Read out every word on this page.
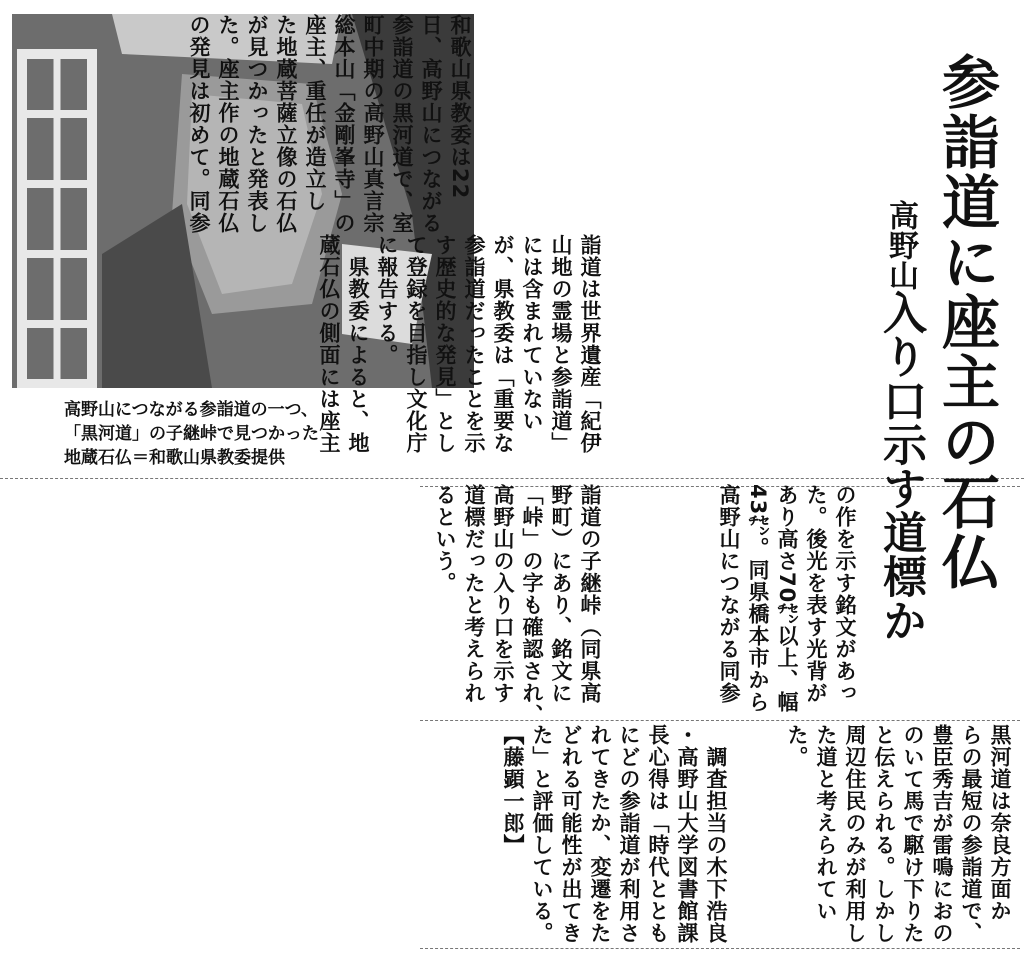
高野山につながる参詣道の一つ、
「黒河道」の子継峠で見つかった
地蔵石仏＝和歌山県教委提供	参詣道に座主の石仏
高野山入り口示す道標か
和歌山県教委は22
日、高野山につながる
参詣道の黒河道で、室
町中期の高野山真言宗
総本山「金剛峯寺」の
座主、重任が造立し
た地蔵菩薩立像の石仏
が見つかったと発表し
た。座主作の地蔵石仏
の発見は初めて。同参
詣道は世界遺産「紀伊
山地の霊場と参詣道」
には含まれていない
が、県教委は「重要な
参詣道だったことを示
す歴史的な発見」とし
て登録を目指し文化庁
に報告する。
　県教委によると、地
蔵石仏の側面には座主
の作を示す銘文があっ
た。後光を表す光背が
あり高さ70㌢以上、幅
43㌢。同県橋本市から
高野山につながる同参
詣道の子継峠（同県高
野町）にあり、銘文に
「峠」の字も確認され、
高野山の入り口を示す
道標だったと考えられ
るという。
黒河道は奈良方面か
らの最短の参詣道で、
豊臣秀吉が雷鳴におの
のいて馬で駆け下りた
と伝えられる。しかし
周辺住民のみが利用し
た道と考えられてい
た。
　調査担当の木下浩良
・高野山大学図書館課
長心得は「時代ととも
にどの参詣道が利用さ
れてきたか、変遷をた
どれる可能性が出てき
た」と評価している。
【藤顕一郎】
